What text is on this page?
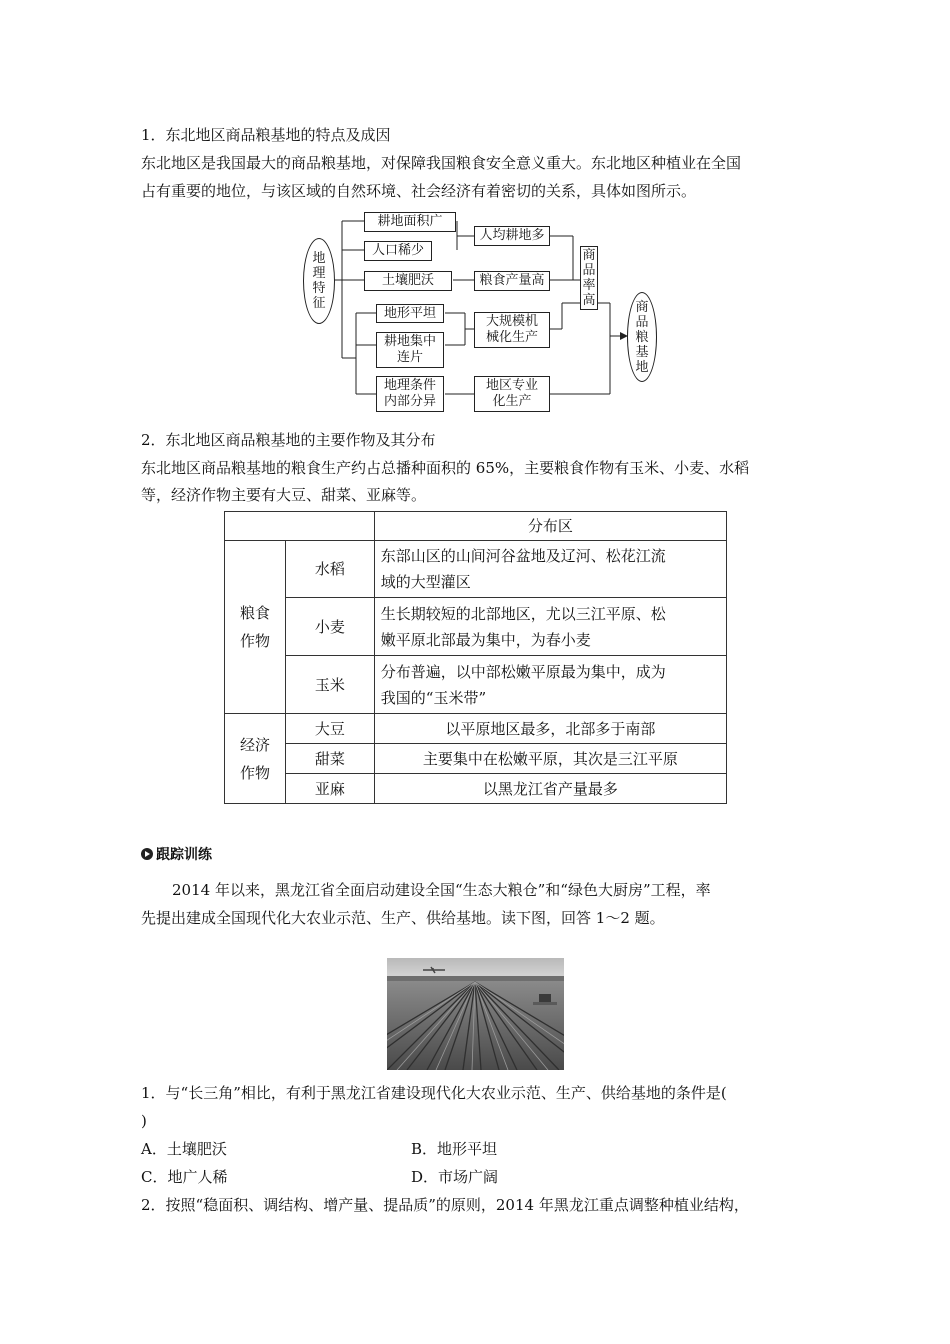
1．东北地区商品粮基地的特点及成因
东北地区是我国最大的商品粮基地，对保障我国粮食安全意义重大。东北地区种植业在全国
占有重要的地位，与该区域的自然环境、社会经济有着密切的关系，具体如图所示。
地理特征
耕地面积广
人口稀少
土壤肥沃
地形平坦
耕地集中连片
地理条件内部分异
人均耕地多
粮食产量高
大规模机械化生产
地区专业化生产
商品率高	商品粮基地
2．东北地区商品粮基地的主要作物及其分布
东北地区商品粮基地的粮食生产约占总播种面积的 65%，主要粮食作物有玉米、小麦、水稻
等，经济作物主要有大豆、甜菜、亚麻等。
		分布区

粮食作物	水稻	东部山区的山间河谷盆地及辽河、松花江流
域的大型灌区

	小麦	生长期较短的北部地区，尤以三江平原、松
嫩平原北部最为集中，为春小麦

	玉米	分布普遍，以中部松嫩平原最为集中，成为
我国的“玉米带”

经济作物	大豆	以平原地区最多，北部多于南部
	甜菜	主要集中在松嫩平原，其次是三江平原
	亚麻	以黑龙江省产量最多
跟踪训练
2014 年以来，黑龙江省全面启动建设全国“生态大粮仓”和“绿色大厨房”工程，率
先提出建成全国现代化大农业示范、生产、供给基地。读下图，回答 1～2 题。
1．与“长三角”相比，有利于黑龙江省建设现代化大农业示范、生产、供给基地的条件是(
)
A．土壤肥沃	B．地形平坦
C．地广人稀	D．市场广阔
2．按照“稳面积、调结构、增产量、提品质”的原则，2014 年黑龙江重点调整种植业结构，
